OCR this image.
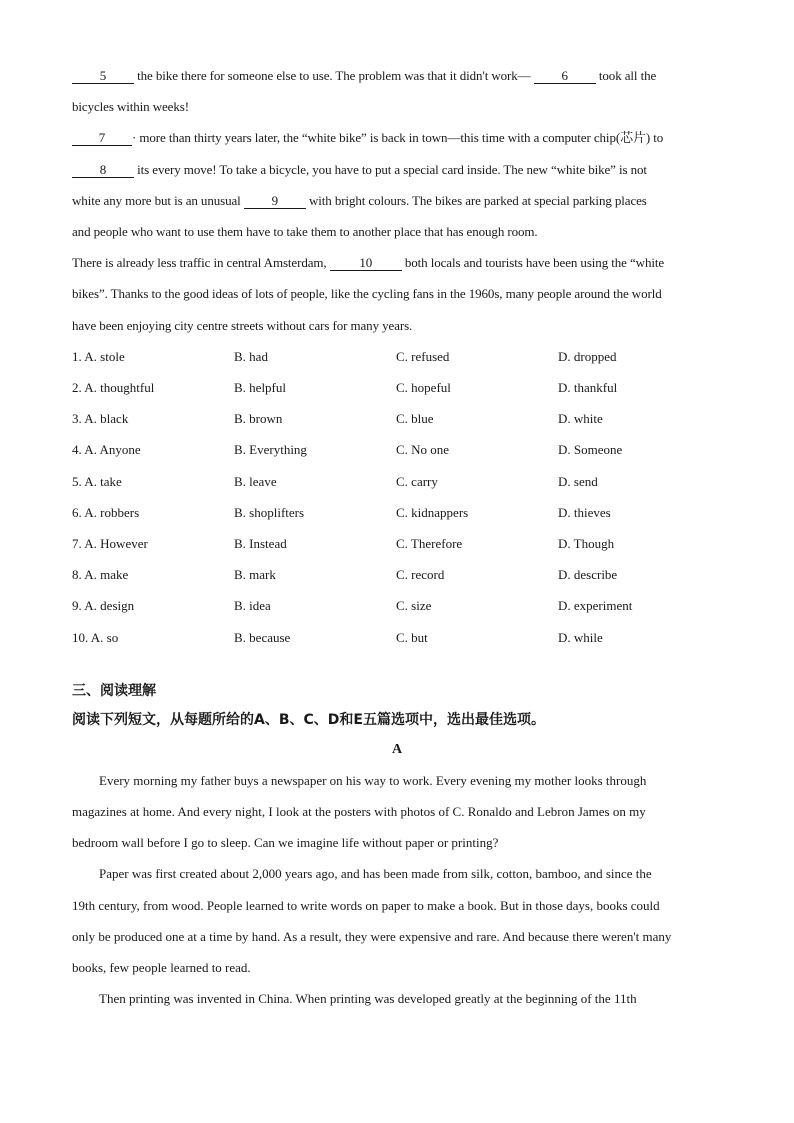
5 the bike there for someone else to use. The problem was that it didn't work— 6 took all the
bicycles within weeks!
7 · more than thirty years later, the “white bike” is back in town—this time with a computer chip(芯片) to
8 its every move! To take a bicycle, you have to put a special card inside. The new “white bike” is not
white any more but is an unusual 9 with bright colours. The bikes are parked at special parking places
and people who want to use them have to take them to another place that has enough room.
There is already less traffic in central Amsterdam, 10 both locals and tourists have been using the “white
bikes”. Thanks to the good ideas of lots of people, like the cycling fans in the 1960s, many people around the world
have been enjoying city centre streets without cars for many years.
1. A. stole	B. had	C. refused	D. dropped
2. A. thoughtful	B. helpful	C. hopeful	D. thankful
3. A. black	B. brown	C. blue	D. white
4. A. Anyone	B. Everything	C. No one	D. Someone
5. A. take	B. leave	C. carry	D. send
6. A. robbers	B. shoplifters	C. kidnappers	D. thieves
7. A. However	B. Instead	C. Therefore	D. Though
8. A. make	B. mark	C. record	D. describe
9. A. design	B. idea	C. size	D. experiment
10. A. so	B. because	C. but	D. while
三、阅读理解
阅读下列短文，从每题所给的A、B、C、D和E五篇选项中，选出最佳选项。
A
Every morning my father buys a newspaper on his way to work. Every evening my mother looks through
magazines at home. And every night, I look at the posters with photos of C. Ronaldo and Lebron James on my
bedroom wall before I go to sleep. Can we imagine life without paper or printing?
Paper was first created about 2,000 years ago, and has been made from silk, cotton, bamboo, and since the
19th century, from wood. People learned to write words on paper to make a book. But in those days, books could
only be produced one at a time by hand. As a result, they were expensive and rare. And because there weren't many
books, few people learned to read.
Then printing was invented in China. When printing was developed greatly at the beginning of the 11th
